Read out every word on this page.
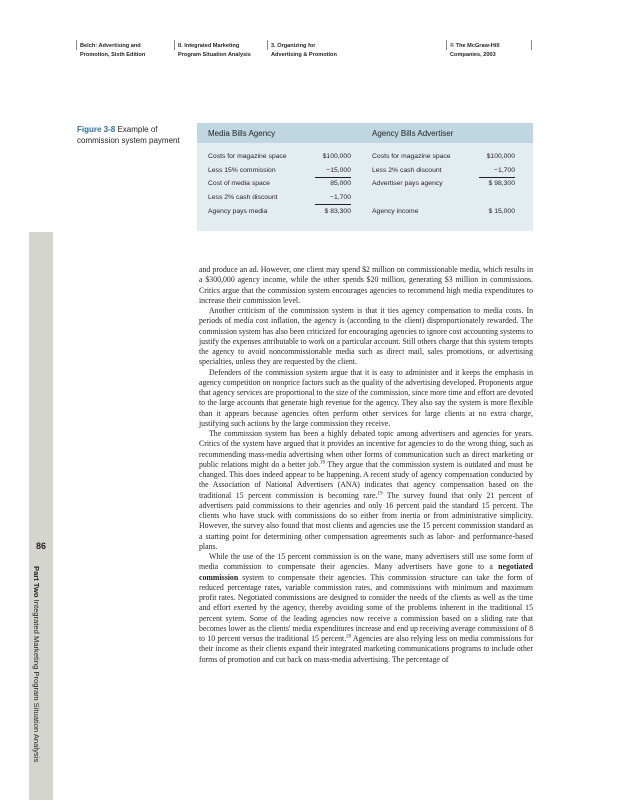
Belch: Advertising and
Promotion, Sixth Edition
II. Integrated Marketing
Program Situation Analysis
3. Organizing for
Advertising & Promotion
© The McGraw-Hill
Companies, 2003
86
Part Two Integrated Marketing Program Situation Analysis
Figure 3-8 Example of
commission system payment
Media Bills Agency	Agency Bills Advertiser
Costs for magazine space	$100,000
Less 15% commission	−15,000
Cost of media space	85,000
Less 2% cash discount	−1,700
Agency pays media	$ 83,300
Costs for magazine space	$100,000
Less 2% cash discount	−1,700
Advertiser pays agency	$ 98,300
Agency income	$ 15,000

and produce an ad. However, one client may spend $2 million on commissionable media, which results in a $300,000 agency income, while the other spends $20 million, generating $3 million in commissions. Critics argue that the commission system encourages agencies to recommend high media expenditures to increase their commission level.

Another criticism of the commission system is that it ties agency compensation to media costs. In periods of media cost inflation, the agency is (according to the client) disproportionately rewarded. The commission system has also been criticized for encouraging agencies to ignore cost accounting systems to justify the expenses attributable to work on a particular account. Still others charge that this system tempts the agency to avoid noncommissionable media such as direct mail, sales promotions, or advertising specialties, unless they are requested by the client.

Defenders of the commission system argue that it is easy to administer and it keeps the emphasis in agency competition on nonprice factors such as the quality of the advertising developed. Proponents argue that agency services are proportional to the size of the commission, since more time and effort are devoted to the large accounts that generate high revenue for the agency. They also say the system is more flexible than it appears because agencies often perform other services for large clients at no extra charge, justifying such actions by the large commission they receive.

The commission system has been a highly debated topic among advertisers and agencies for years. Critics of the system have argued that it provides an incentive for agencies to do the wrong thing, such as recommending mass-media advertising when other forms of communication such as direct marketing or public relations might do a better job.$^{18}$ They argue that the commission system is outdated and must be changed. This does indeed appear to be happening. A recent study of agency compensation conducted by the Association of National Advertisers (ANA) indicates that agency compensation based on the traditional 15 percent commission is becoming rare.$^{19}$ The survey found that only 21 percent of advertisers paid commissions to their agencies and only 16 percent paid the standard 15 percent. The clients who have stuck with commissions do so either from inertia or from administrative simplicity. However, the survey also found that most clients and agencies use the 15 percent commission standard as a starting point for determining other compensation agreements such as labor- and performance-based plans.

While the use of the 15 percent commission is on the wane, many advertisers still use some form of media commission to compensate their agencies. Many advertisers have gone to a negotiated commission system to compensate their agencies. This commission structure can take the form of reduced percentage rates, variable commission rates, and commissions with minimum and maximum profit rates. Negotiated commissions are designed to consider the needs of the clients as well as the time and effort exerted by the agency, thereby avoiding some of the problems inherent in the traditional 15 percent sytem. Some of the leading agencies now receive a commission based on a sliding rate that becomes lower as the clients' media expenditures increase and end up receiving average commissions of 8 to 10 percent versus the traditional 15 percent.$^{20}$ Agencies are also relying less on media commissions for their income as their clients expand their integrated marketing communications programs to include other forms of promotion and cut back on mass-media advertising. The percentage of
